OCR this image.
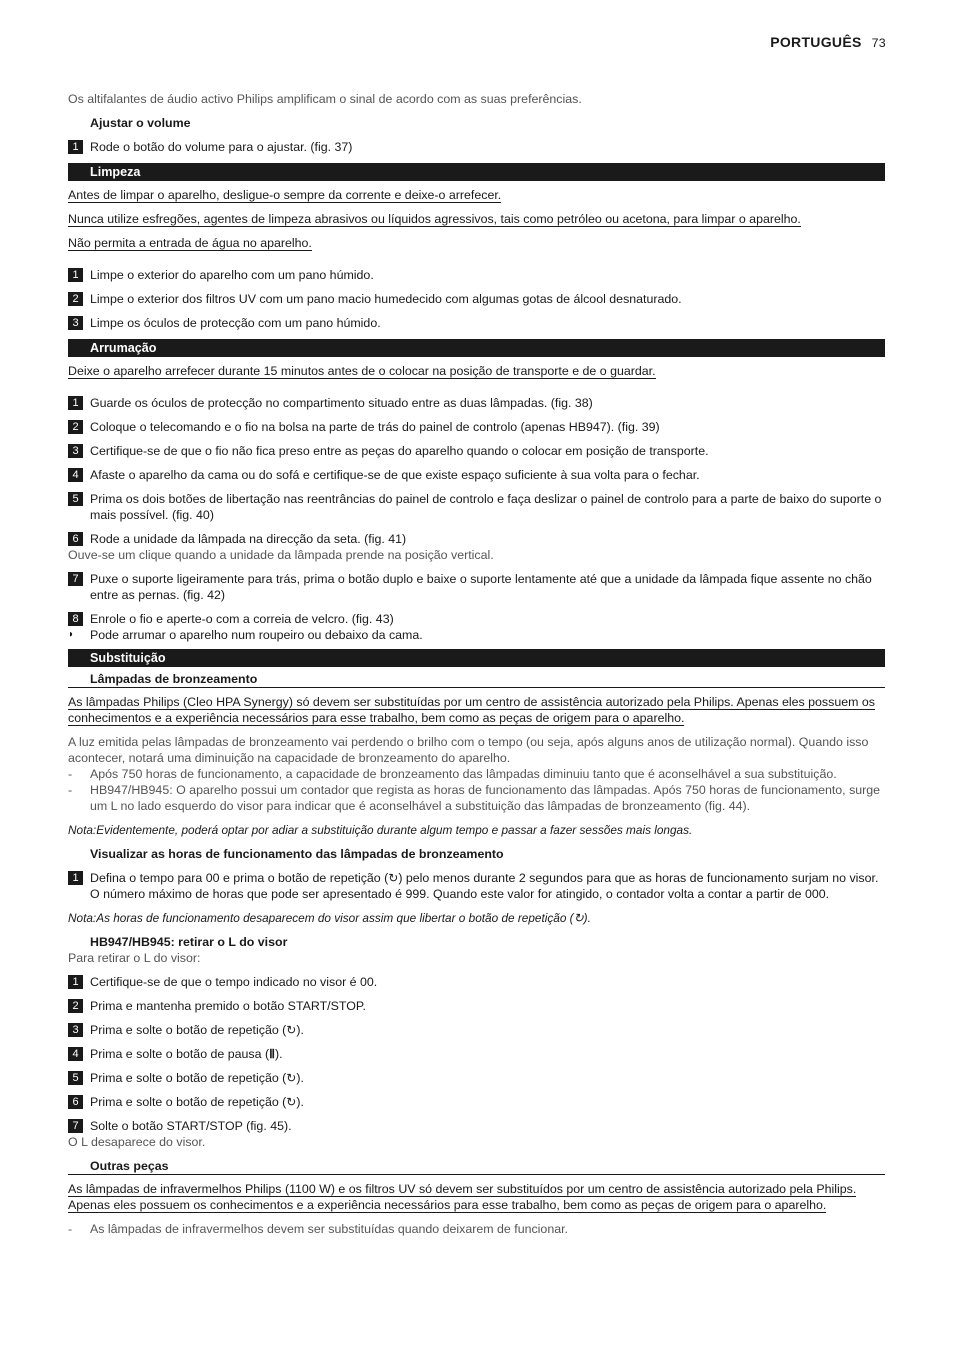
PORTUGUÊS 73

Os altifalantes de áudio activo Philips amplificam o sinal de acordo com as suas preferências.

Ajustar o volume
1 Rode o botão do volume para o ajustar. (fig. 37)
Limpeza

Antes de limpar o aparelho, desligue-o sempre da corrente e deixe-o arrefecer.

Nunca utilize esfregões, agentes de limpeza abrasivos ou líquidos agressivos, tais como petróleo ou acetona, para limpar o aparelho.

Não permita a entrada de água no aparelho.

1 Limpe o exterior do aparelho com um pano húmido.
2 Limpe o exterior dos filtros UV com um pano macio humedecido com algumas gotas de álcool desnaturado.
3 Limpe os óculos de protecção com um pano húmido.
Arrumação

Deixe o aparelho arrefecer durante 15 minutos antes de o colocar na posição de transporte e de o guardar.

1 Guarde os óculos de protecção no compartimento situado entre as duas lâmpadas. (fig. 38)
2 Coloque o telecomando e o fio na bolsa na parte de trás do painel de controlo (apenas HB947). (fig. 39)
3 Certifique-se de que o fio não fica preso entre as peças do aparelho quando o colocar em posição de transporte.
4 Afaste o aparelho da cama ou do sofá e certifique-se de que existe espaço suficiente à sua volta para o fechar.
5 Prima os dois botões de libertação nas reentrâncias do painel de controlo e faça deslizar o painel de controlo para a parte de baixo do suporte o mais possível. (fig. 40)
6 Rode a unidade da lâmpada na direcção da seta. (fig. 41)

Ouve-se um clique quando a unidade da lâmpada prende na posição vertical.

7 Puxe o suporte ligeiramente para trás, prima o botão duplo e baixe o suporte lentamente até que a unidade da lâmpada fique assente no chão entre as pernas. (fig. 42)
8 Enrole o fio e aperte-o com a correia de velcro. (fig. 43)
◗	Pode arrumar o aparelho num roupeiro ou debaixo da cama.
Substituição
Lâmpadas de bronzeamento

As lâmpadas Philips (Cleo HPA Synergy) só devem ser substituídas por um centro de assistência autorizado pela Philips. Apenas eles possuem os conhecimentos e a experiência necessários para esse trabalho, bem como as peças de origem para o aparelho.

A luz emitida pelas lâmpadas de bronzeamento vai perdendo o brilho com o tempo (ou seja, após alguns anos de utilização normal). Quando isso acontecer, notará uma diminuição na capacidade de bronzeamento do aparelho.

-	Após 750 horas de funcionamento, a capacidade de bronzeamento das lâmpadas diminuiu tanto que é aconselhável a sua substituição.
-	HB947/HB945: O aparelho possui um contador que regista as horas de funcionamento das lâmpadas. Após 750 horas de funcionamento, surge um L no lado esquerdo do visor para indicar que é aconselhável a substituição das lâmpadas de bronzeamento (fig. 44).

Nota:Evidentemente, poderá optar por adiar a substituição durante algum tempo e passar a fazer sessões mais longas.

Visualizar as horas de funcionamento das lâmpadas de bronzeamento
1 Defina o tempo para 00 e prima o botão de repetição (↻) pelo menos durante 2 segundos para que as horas de funcionamento surjam no visor. O número máximo de horas que pode ser apresentado é 999. Quando este valor for atingido, o contador volta a contar a partir de 000.

Nota:As horas de funcionamento desaparecem do visor assim que libertar o botão de repetição (↻).

HB947/HB945: retirar o L do visor

Para retirar o L do visor:

1 Certifique-se de que o tempo indicado no visor é 00.
2 Prima e mantenha premido o botão START/STOP.
3 Prima e solte o botão de repetição (↻).
4 Prima e solte o botão de pausa (Ⅱ).
5 Prima e solte o botão de repetição (↻).
6 Prima e solte o botão de repetição (↻).
7 Solte o botão START/STOP (fig. 45).

O L desaparece do visor.

Outras peças

As lâmpadas de infravermelhos Philips (1100 W) e os filtros UV só devem ser substituídos por um centro de assistência autorizado pela Philips. Apenas eles possuem os conhecimentos e a experiência necessários para esse trabalho, bem como as peças de origem para o aparelho.

-	As lâmpadas de infravermelhos devem ser substituídas quando deixarem de funcionar.
